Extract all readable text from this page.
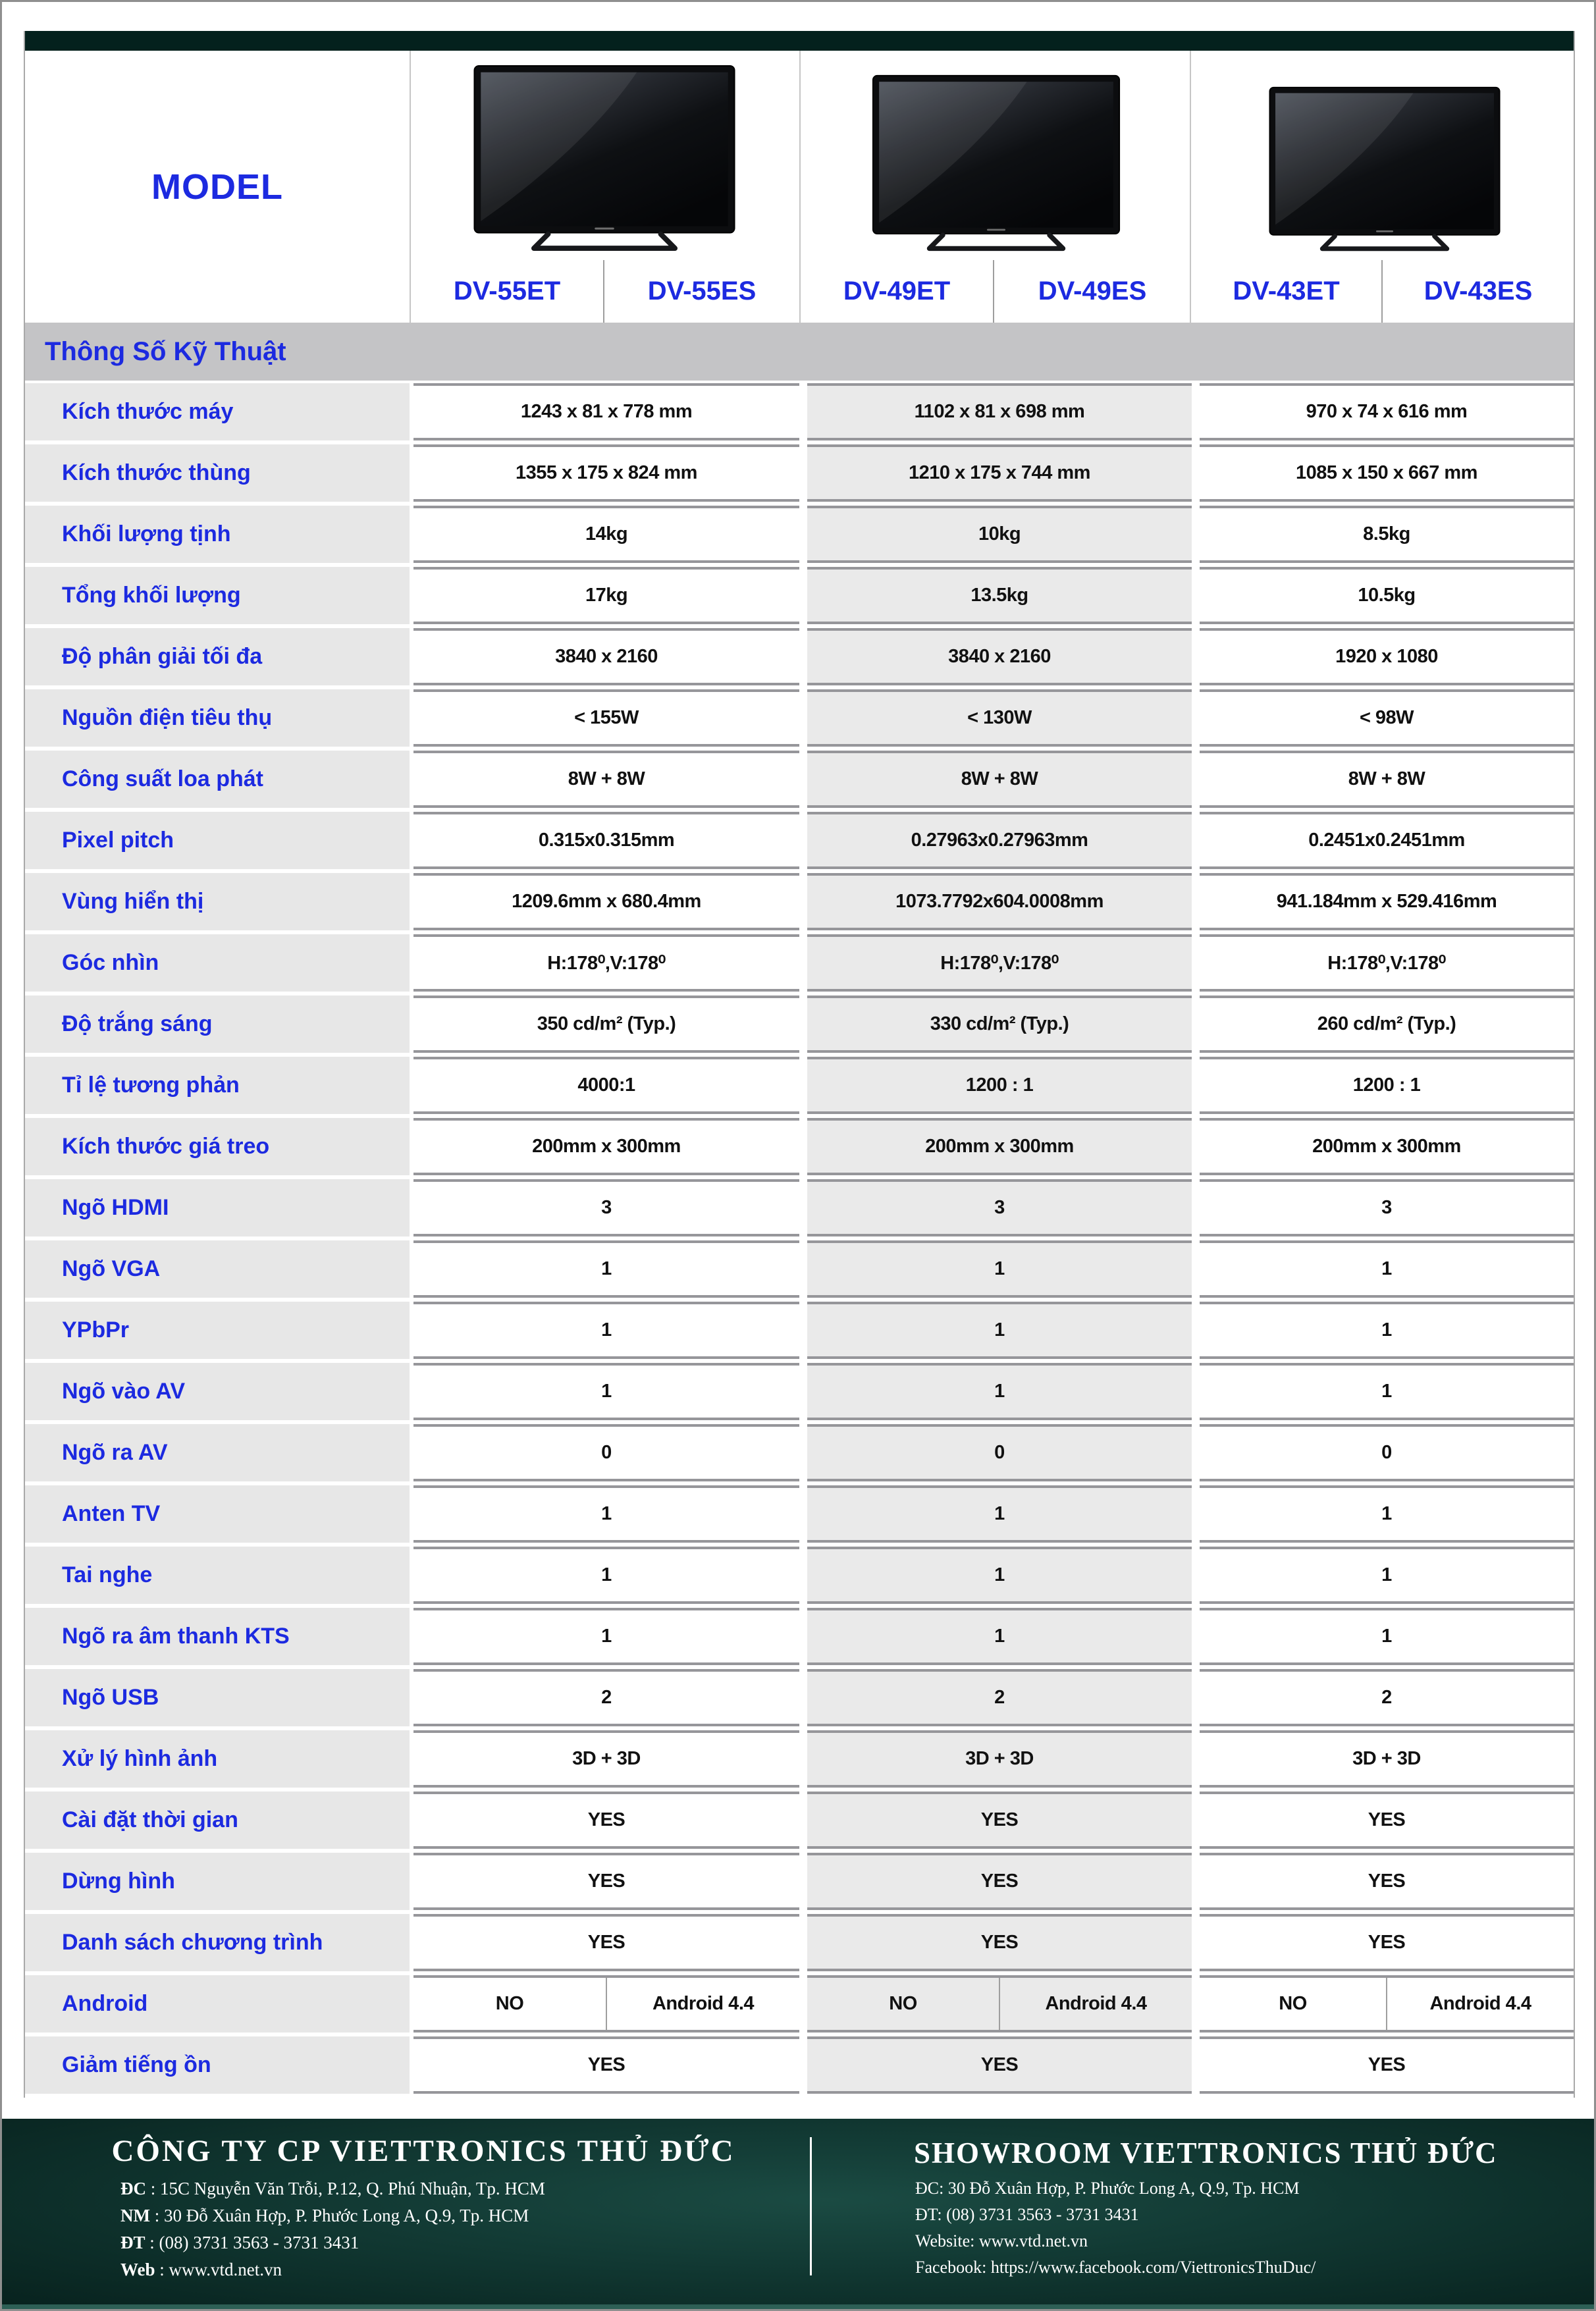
MODEL
DV-55ET	DV-55ES	DV-49ET	DV-49ES	DV-43ET	DV-43ES
Thông Số Kỹ Thuật
Kích thước máy	1243 x 81 x 778 mm	1102 x 81 x 698 mm	970 x 74 x 616 mm
Kích thước thùng	1355 x 175 x 824 mm	1210 x 175 x 744 mm	1085 x 150 x 667 mm
Khối lượng tịnh	14kg	10kg	8.5kg
Tổng khối lượng	17kg	13.5kg	10.5kg
Độ phân giải tối đa	3840 x 2160	3840 x 2160	1920 x 1080
Nguồn điện tiêu thụ	< 155W	< 130W	< 98W
Công suất loa phát	8W + 8W	8W + 8W	8W + 8W
Pixel pitch	0.315x0.315mm	0.27963x0.27963mm	0.2451x0.2451mm
Vùng hiển thị	1209.6mm x 680.4mm	1073.7792x604.0008mm	941.184mm x 529.416mm
Góc nhìn	H:178⁰,V:178⁰	H:178⁰,V:178⁰	H:178⁰,V:178⁰
Độ trắng sáng	350 cd/m² (Typ.)	330 cd/m² (Typ.)	260 cd/m² (Typ.)
Tỉ lệ tương phản	4000:1	1200 : 1	1200 : 1
Kích thước giá treo	200mm x 300mm	200mm x 300mm	200mm x 300mm
Ngõ HDMI	3	3	3
Ngõ VGA	1	1	1
YPbPr	1	1	1
Ngõ vào AV	1	1	1
Ngõ ra AV	0	0	0
Anten TV	1	1	1
Tai nghe	1	1	1
Ngõ ra âm thanh KTS	1	1	1
Ngõ USB	2	2	2
Xử lý hình ảnh	3D + 3D	3D + 3D	3D + 3D
Cài đặt thời gian	YES	YES	YES
Dừng hình	YES	YES	YES
Danh sách chương trình	YES	YES	YES
Android	NO	Android 4.4	NO	Android 4.4	NO	Android 4.4
Giảm tiếng ồn	YES	YES	YES
CÔNG TY CP VIETTRONICS THỦ ĐỨC
ĐC : 15C Nguyễn Văn Trỗi, P.12, Q. Phú Nhuận, Tp. HCM
NM : 30 Đỗ Xuân Hợp, P. Phước Long A, Q.9, Tp. HCM
ĐT : (08) 3731 3563 - 3731 3431
Web : www.vtd.net.vn
SHOWROOM VIETTRONICS THỦ ĐỨC
ĐC: 30 Đỗ Xuân Hợp, P. Phước Long A, Q.9, Tp. HCM
ĐT: (08) 3731 3563 - 3731 3431
Website: www.vtd.net.vn
Facebook: https://www.facebook.com/ViettronicsThuDuc/
